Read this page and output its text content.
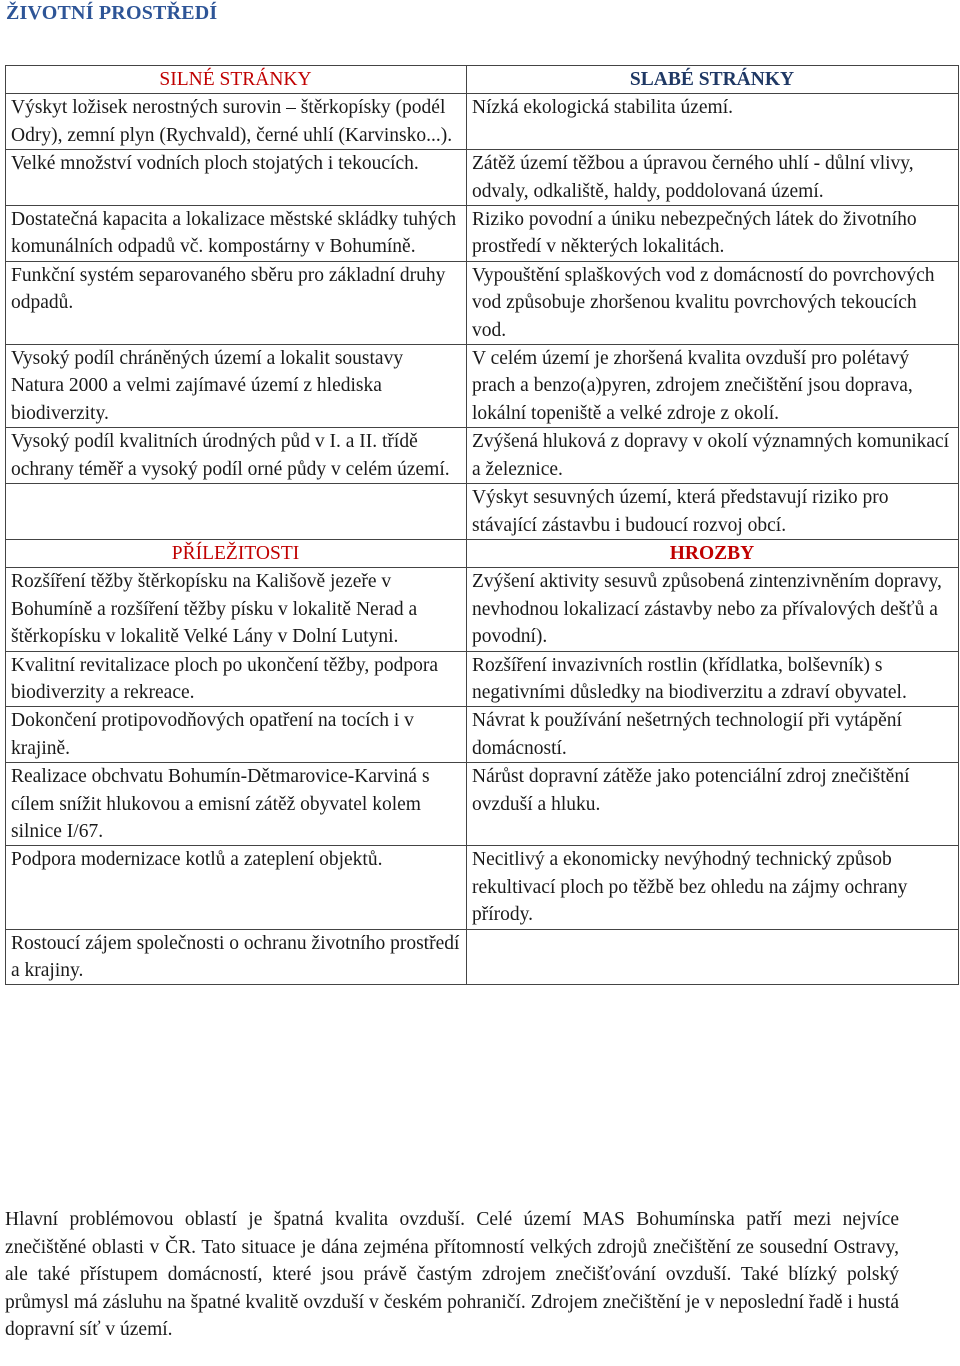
ŽIVOTNÍ PROSTŘEDÍ
SILNÉ STRÁNKY	SLABÉ STRÁNKY

Výskyt ložisek nerostných surovin – štěrkopísky (podél Odry), zemní plyn (Rychvald), černé uhlí (Karvinsko...).	Nízká ekologická stabilita území.

Velké množství vodních ploch stojatých i tekoucích.	Zátěž území těžbou a úpravou černého uhlí - důlní vlivy, odvaly, odkaliště, haldy, poddolovaná území.

Dostatečná kapacita a lokalizace městské skládky tuhých komunálních odpadů vč. kompostárny v Bohumíně.	Riziko povodní a úniku nebezpečných látek do životního prostředí v některých lokalitách.

Funkční systém separovaného sběru pro základní druhy odpadů.	Vypouštění splaškových vod z domácností do povrchových vod způsobuje zhoršenou kvalitu povrchových tekoucích vod.

Vysoký podíl chráněných území a lokalit soustavy Natura 2000 a velmi zajímavé území z hlediska biodiverzity.	V celém území je zhoršená kvalita ovzduší pro polétavý prach a benzo(a)pyren, zdrojem znečištění jsou doprava, lokální topeniště a velké zdroje z okolí.

Vysoký podíl kvalitních úrodných půd v I. a II. třídě ochrany téměř a vysoký podíl orné půdy v celém území.	Zvýšená hluková z dopravy v okolí významných komunikací a železnice.

	Výskyt sesuvných území, která představují riziko pro stávající zástavbu i budoucí rozvoj obcí.

PŘÍLEŽITOSTI	HROZBY

Rozšíření těžby štěrkopísku na Kališově jezeře v Bohumíně a rozšíření těžby písku v lokalitě Nerad a štěrkopísku v lokalitě Velké Lány v Dolní Lutyni.	Zvýšení aktivity sesuvů způsobená zintenzivněním dopravy, nevhodnou lokalizací zástavby nebo za přívalových dešťů a povodní).

Kvalitní revitalizace ploch po ukončení těžby, podpora biodiverzity a rekreace.	Rozšíření invazivních rostlin (křídlatka, bolševník) s negativními důsledky na biodiverzitu a zdraví obyvatel.

Dokončení protipovodňových opatření na tocích i v krajině.	Návrat k používání nešetrných technologií při vytápění domácností.

Realizace obchvatu Bohumín-Dětmarovice-Karviná s cílem snížit hlukovou a emisní zátěž obyvatel kolem silnice I/67.	Nárůst dopravní zátěže jako potenciální zdroj znečištění ovzduší a hluku.

Podpora modernizace kotlů a zateplení objektů.	Necitlivý a ekonomicky nevýhodný technický způsob rekultivací ploch po těžbě bez ohledu na zájmy ochrany přírody.

Rostoucí zájem společnosti o ochranu životního prostředí a krajiny.	

Hlavní problémovou oblastí je špatná kvalita ovzduší. Celé území MAS Bohumínska patří mezi nejvíce znečištěné oblasti v ČR. Tato situace je dána zejména přítomností velkých zdrojů znečištění ze sousední Ostravy, ale také přístupem domácností, které jsou právě častým zdrojem znečišťování ovzduší. Také blízký polský průmysl má zásluhu na špatné kvalitě ovzduší v českém pohraničí. Zdrojem znečištění je v neposlední řadě i hustá dopravní síť v území.
